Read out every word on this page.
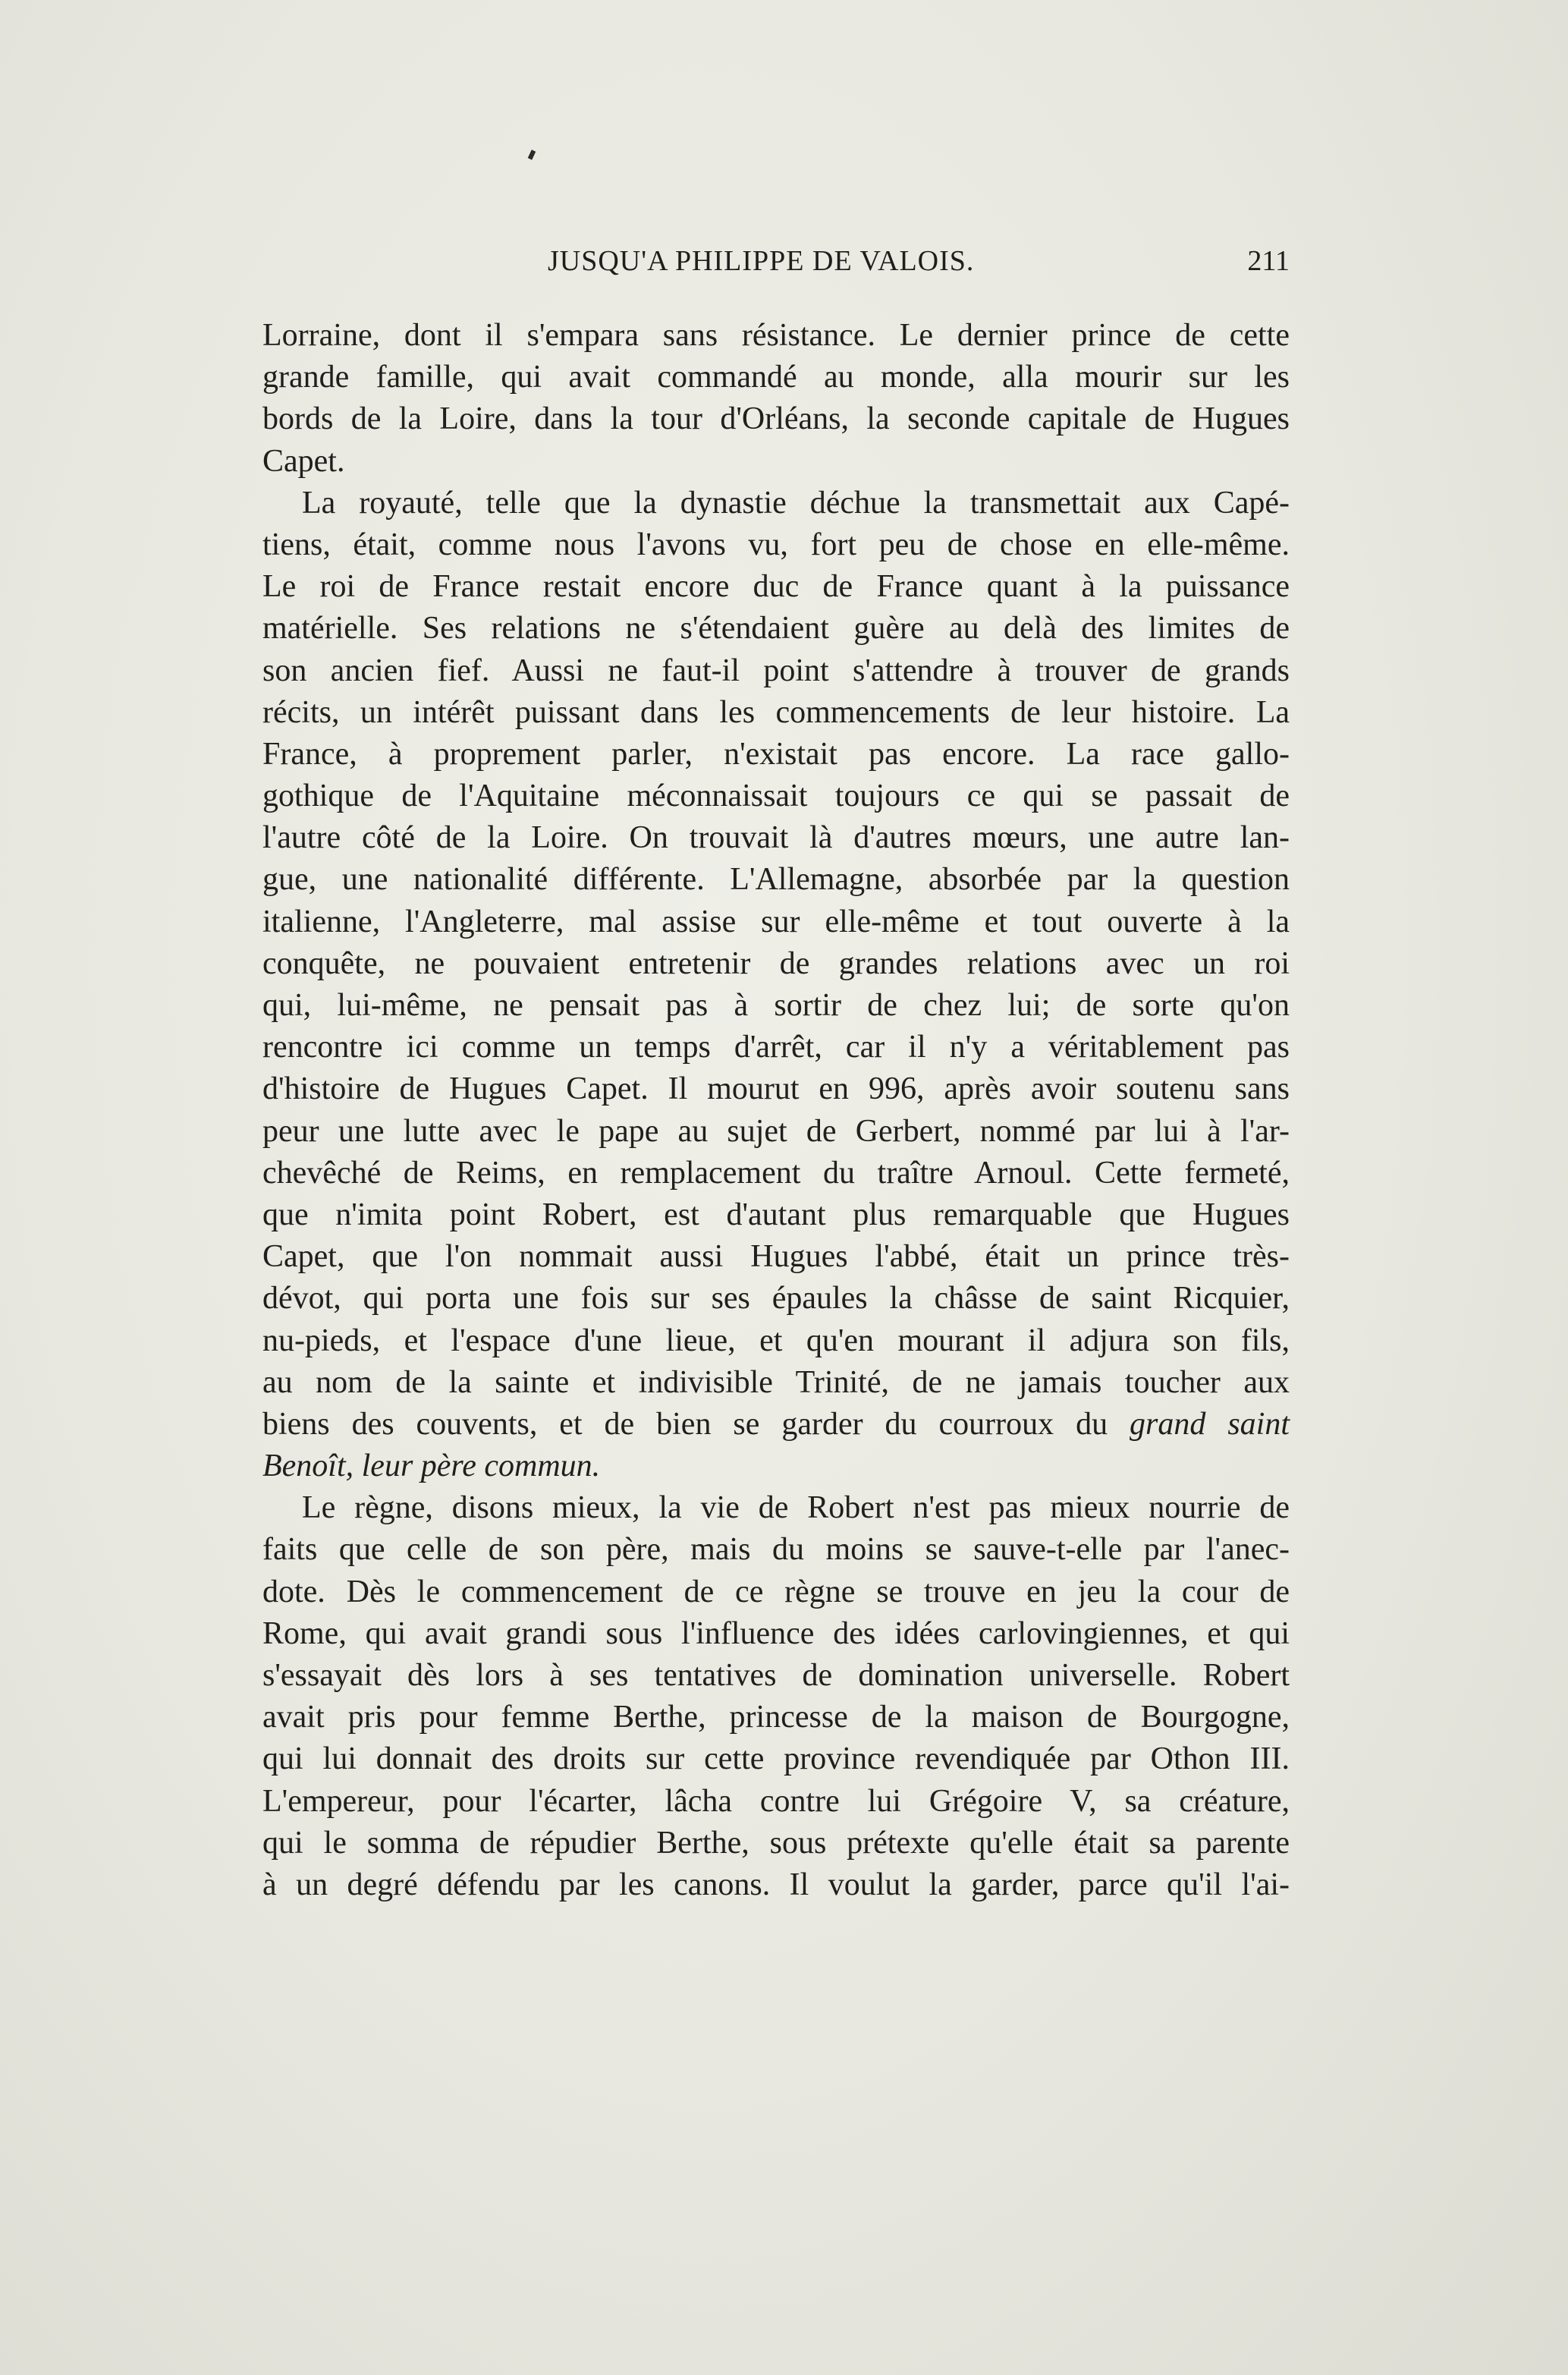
JUSQU'A PHILIPPE DE VALOIS.	211

Lorraine, dont il s'empara sans résistance. Le dernier prince de cette
grande famille, qui avait commandé au monde, alla mourir sur les
bords de la Loire, dans la tour d'Orléans, la seconde capitale de Hugues
Capet.

La royauté, telle que la dynastie déchue la transmettait aux Capé-
tiens, était, comme nous l'avons vu, fort peu de chose en elle-même.
Le roi de France restait encore duc de France quant à la puissance
matérielle. Ses relations ne s'étendaient guère au delà des limites de
son ancien fief. Aussi ne faut-il point s'attendre à trouver de grands
récits, un intérêt puissant dans les commencements de leur histoire. La
France, à proprement parler, n'existait pas encore. La race gallo-
gothique de l'Aquitaine méconnaissait toujours ce qui se passait de
l'autre côté de la Loire. On trouvait là d'autres mœurs, une autre lan-
gue, une nationalité différente. L'Allemagne, absorbée par la question
italienne, l'Angleterre, mal assise sur elle-même et tout ouverte à la
conquête, ne pouvaient entretenir de grandes relations avec un roi
qui, lui-même, ne pensait pas à sortir de chez lui; de sorte qu'on
rencontre ici comme un temps d'arrêt, car il n'y a véritablement pas
d'histoire de Hugues Capet. Il mourut en 996, après avoir soutenu sans
peur une lutte avec le pape au sujet de Gerbert, nommé par lui à l'ar-
chevêché de Reims, en remplacement du traître Arnoul. Cette fermeté,
que n'imita point Robert, est d'autant plus remarquable que Hugues
Capet, que l'on nommait aussi Hugues l'abbé, était un prince très-
dévot, qui porta une fois sur ses épaules la châsse de saint Ricquier,
nu-pieds, et l'espace d'une lieue, et qu'en mourant il adjura son fils,
au nom de la sainte et indivisible Trinité, de ne jamais toucher aux
biens des couvents, et de bien se garder du courroux du grand saint
Benoît, leur père commun.

Le règne, disons mieux, la vie de Robert n'est pas mieux nourrie de
faits que celle de son père, mais du moins se sauve-t-elle par l'anec-
dote. Dès le commencement de ce règne se trouve en jeu la cour de
Rome, qui avait grandi sous l'influence des idées carlovingiennes, et qui
s'essayait dès lors à ses tentatives de domination universelle. Robert
avait pris pour femme Berthe, princesse de la maison de Bourgogne,
qui lui donnait des droits sur cette province revendiquée par Othon III.
L'empereur, pour l'écarter, lâcha contre lui Grégoire V, sa créature,
qui le somma de répudier Berthe, sous prétexte qu'elle était sa parente
à un degré défendu par les canons. Il voulut la garder, parce qu'il l'ai-
